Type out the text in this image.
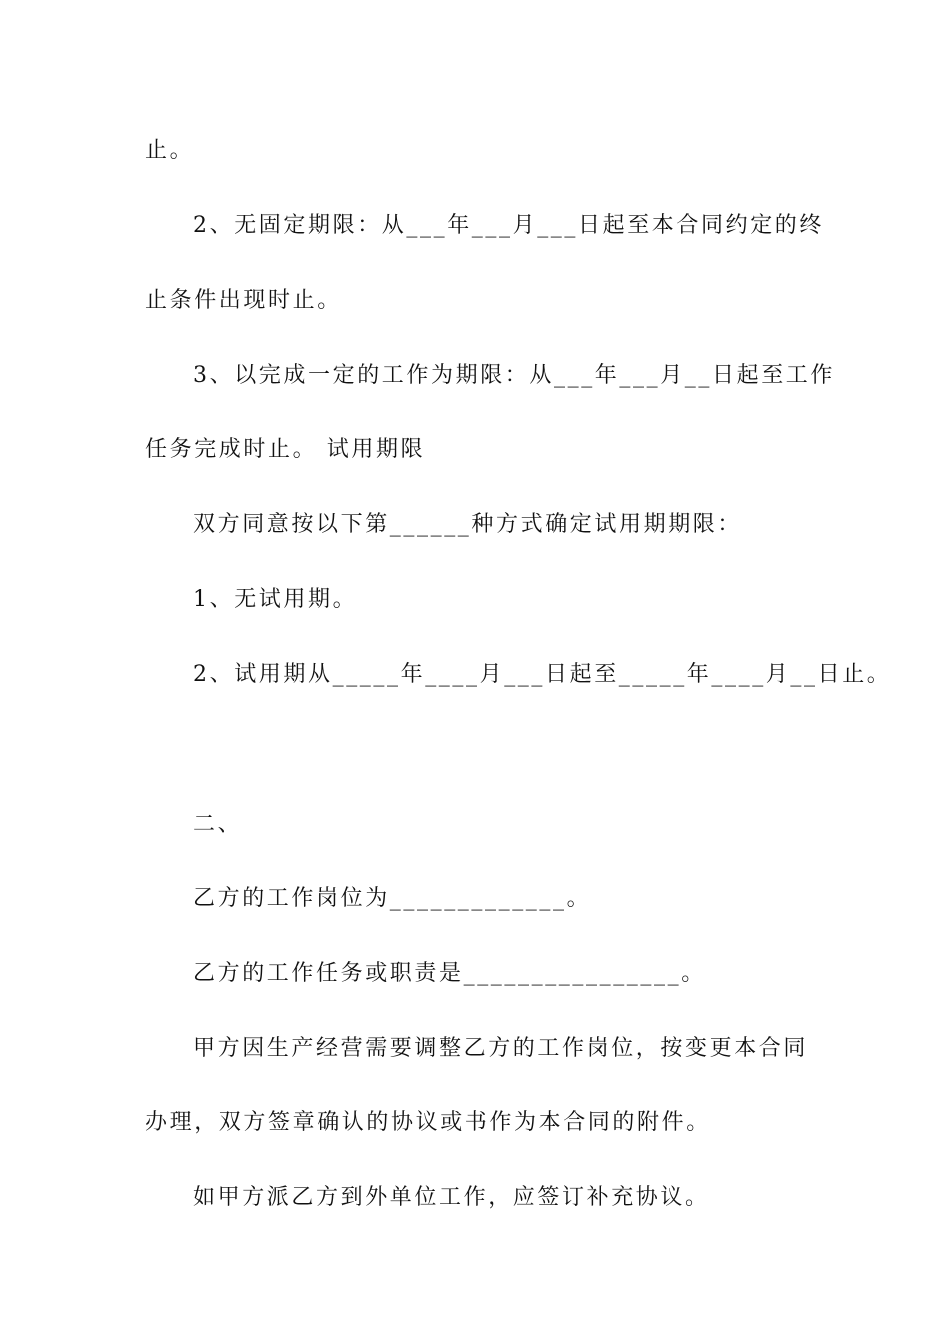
止。
2、无固定期限：从___年___月___日起至本合同约定的终
止条件出现时止。
3、以完成一定的工作为期限：从___年___月__日起至工作
任务完成时止。 试用期限
双方同意按以下第______种方式确定试用期期限：
1、无试用期。
2、试用期从_____年____月___日起至_____年____月__日止。
二、
乙方的工作岗位为_____________。
乙方的工作任务或职责是________________。
甲方因生产经营需要调整乙方的工作岗位，按变更本合同
办理，双方签章确认的协议或书作为本合同的附件。
如甲方派乙方到外单位工作，应签订补充协议。
